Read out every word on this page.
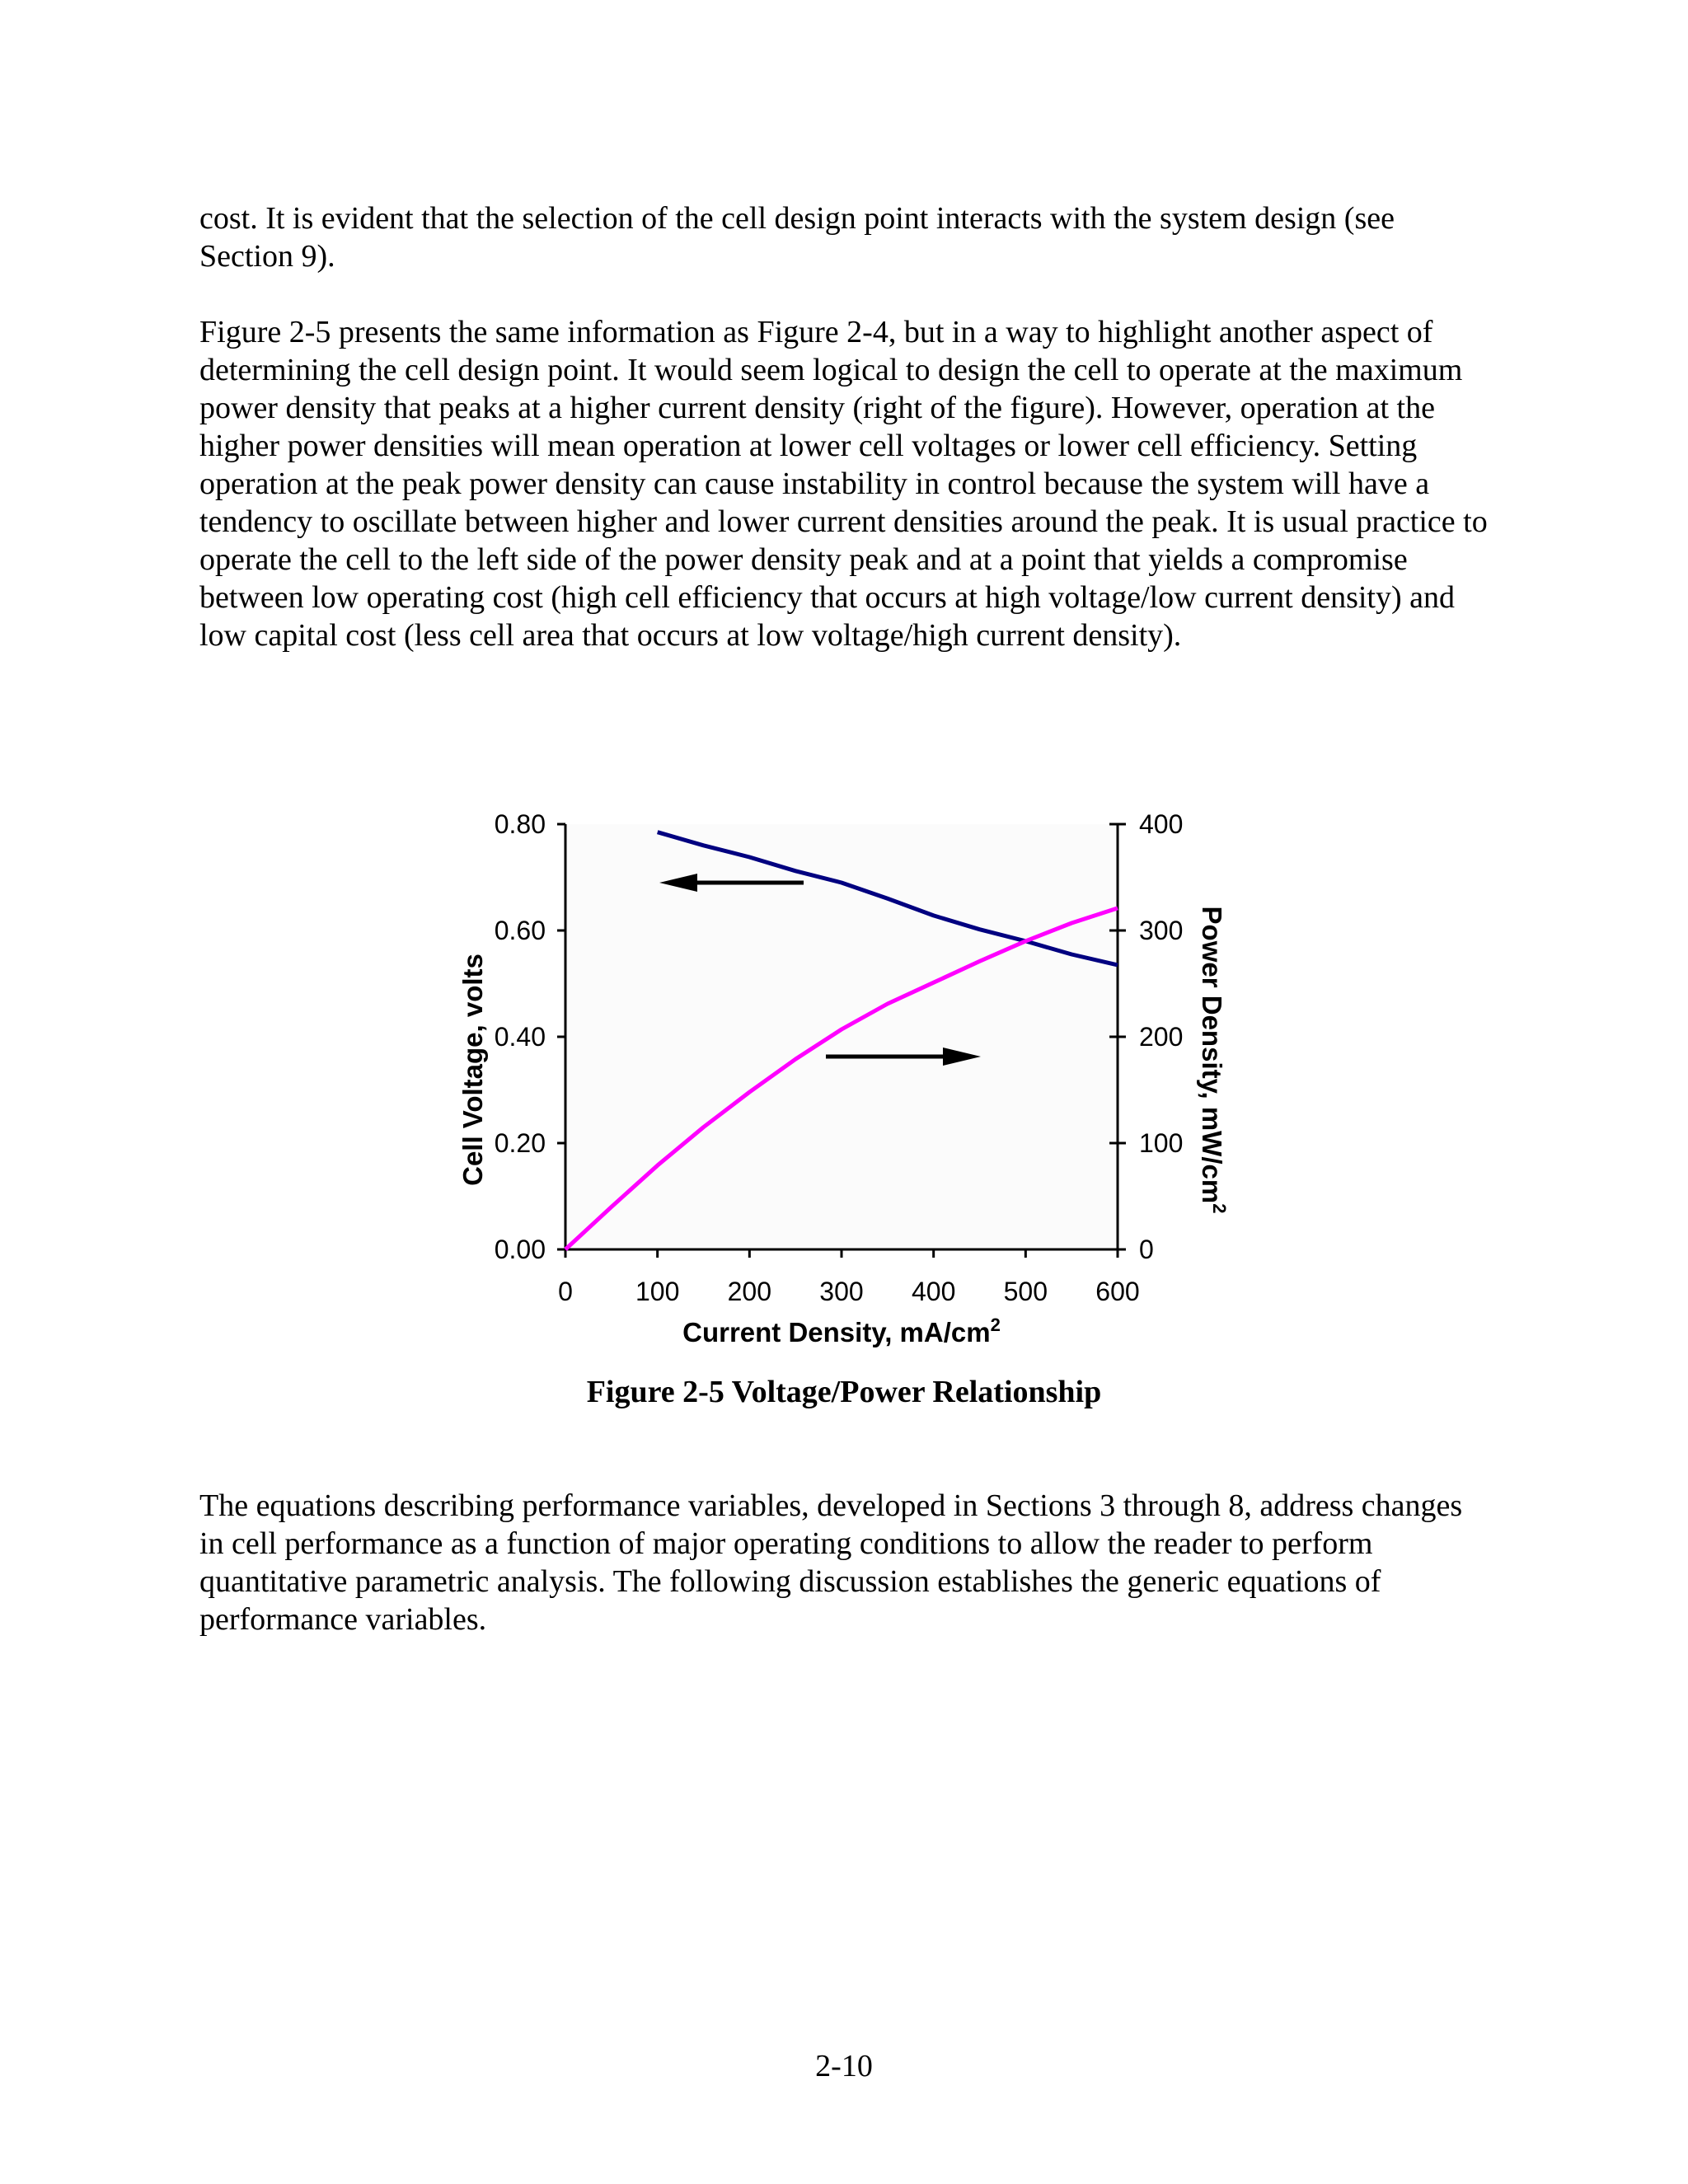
cost. It is evident that the selection of the cell design point interacts with the system design (see Section 9).

Figure 2-5 presents the same information as Figure 2-4, but in a way to highlight another aspect of determining the cell design point. It would seem logical to design the cell to operate at the maximum power density that peaks at a higher current density (right of the figure). However, operation at the higher power densities will mean operation at lower cell voltages or lower cell efficiency. Setting operation at the peak power density can cause instability in control because the system will have a tendency to oscillate between higher and lower current densities around the peak. It is usual practice to operate the cell to the left side of the power density peak and at a point that yields a compromise between low operating cost (high cell efficiency that occurs at high voltage/low current density) and low capital cost (less cell area that occurs at low voltage/high current density).

0 100 200 300 400 500 600
0.00
0.20
0.40
0.60
0.80
0
100
200
300
400
Current Density, $mA/cm^2$
Cell Voltage, volts	Power Density, $mW/cm^2$
Figure 2-5 Voltage/Power Relationship

The equations describing performance variables, developed in Sections 3 through 8, address changes in cell performance as a function of major operating conditions to allow the reader to perform quantitative parametric analysis. The following discussion establishes the generic equations of performance variables.

2-10
